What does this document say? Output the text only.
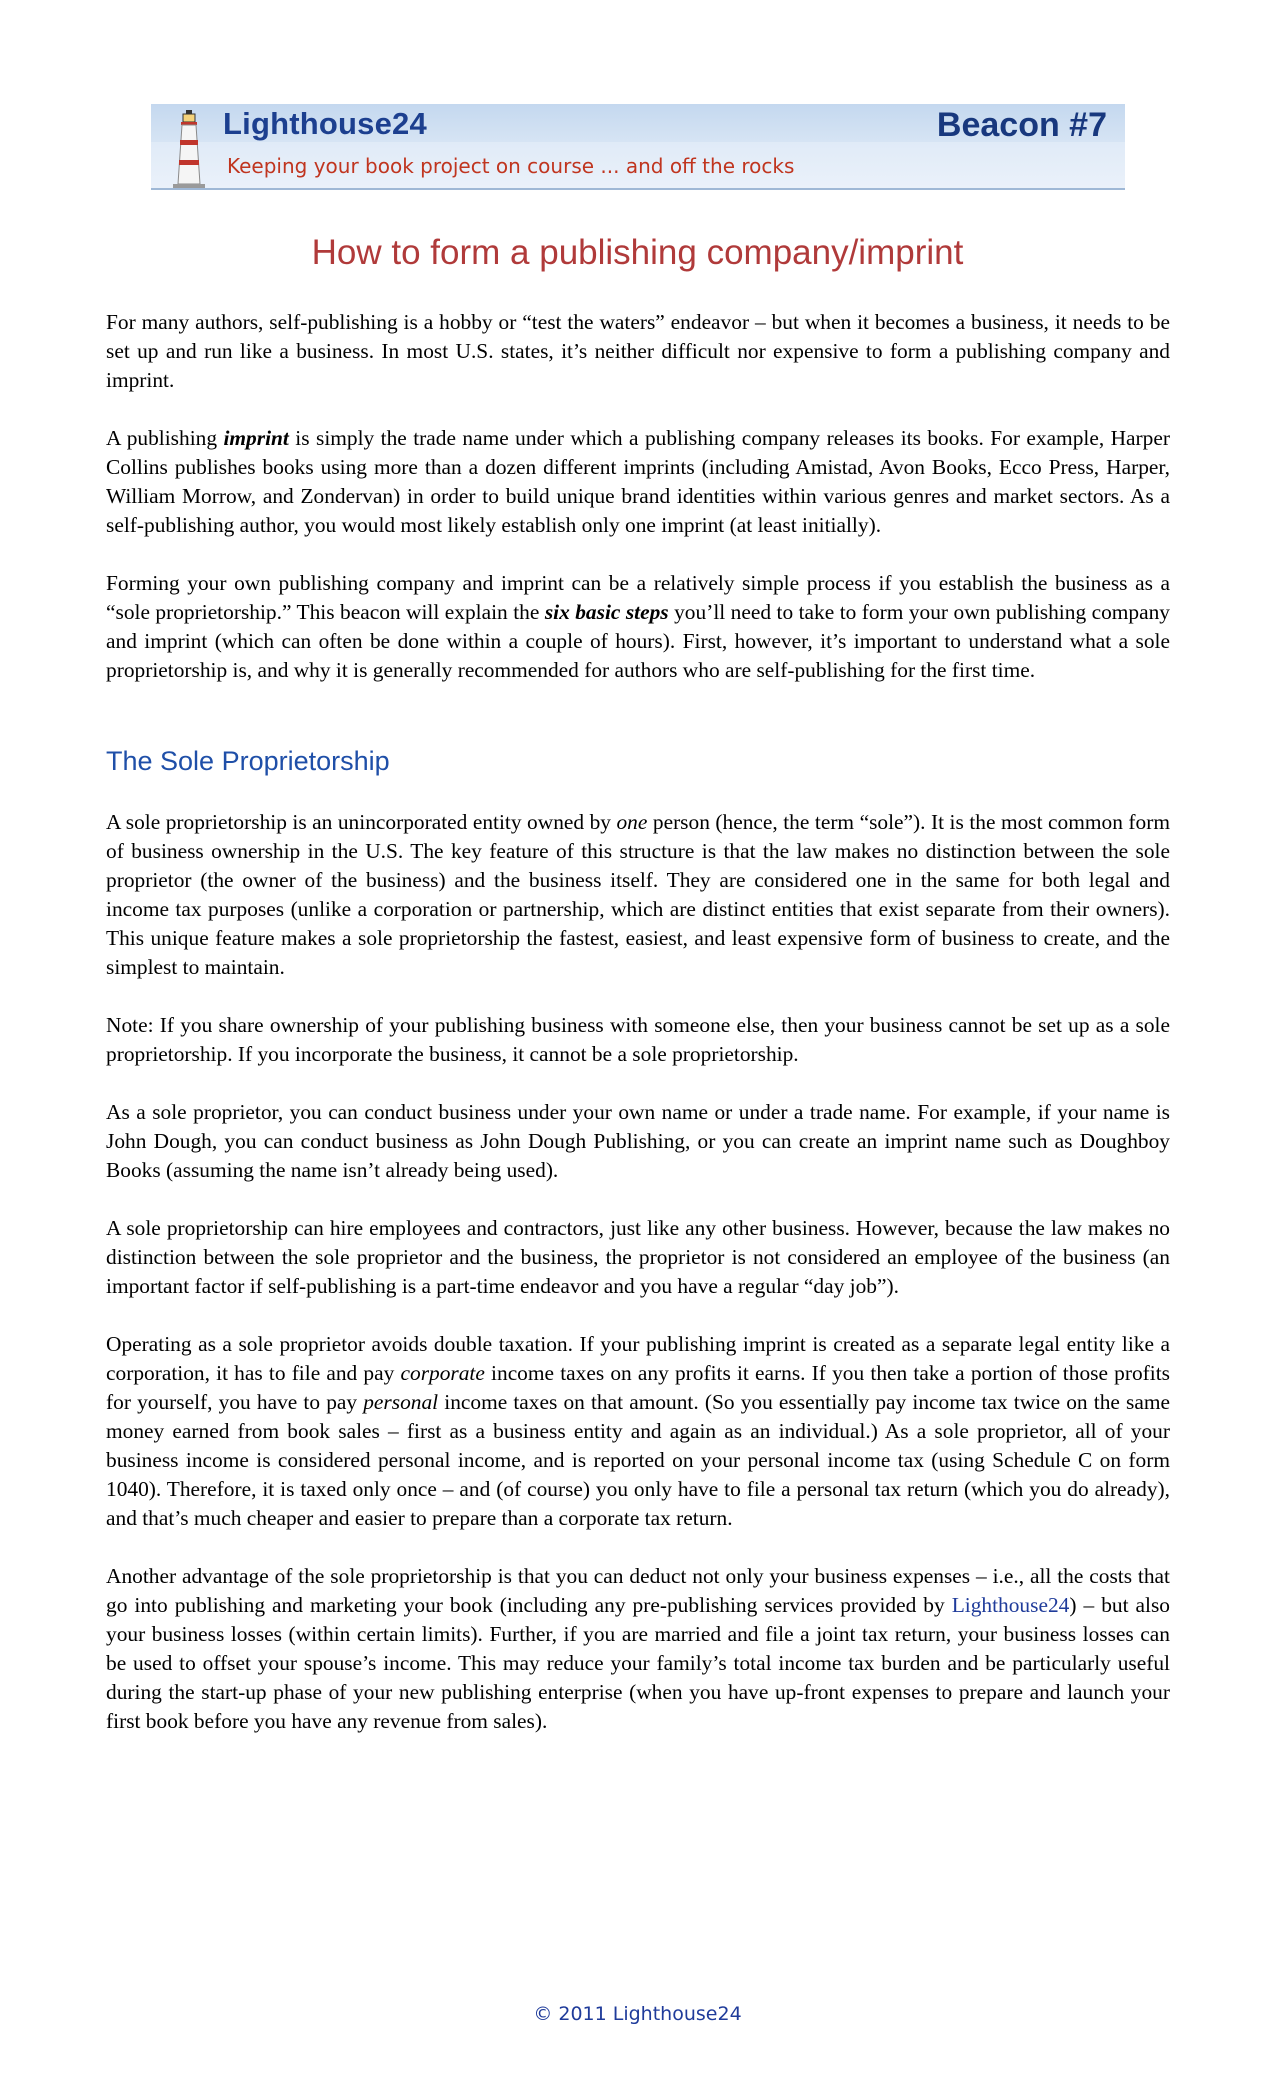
Lighthouse24
Keeping your book project on course ... and off the rocks
Beacon #7
How to form a publishing company/imprint

For many authors, self-publishing is a hobby or “test the waters” endeavor – but when it becomes a business, it needs to be set up and run like a business. In most U.S. states, it’s neither difficult nor expensive to form a publishing company and imprint.

A publishing imprint is simply the trade name under which a publishing company releases its books. For example, Harper Collins publishes books using more than a dozen different imprints (including Amistad, Avon Books, Ecco Press, Harper, William Morrow, and Zondervan) in order to build unique brand identities within various genres and market sectors. As a self-publishing author, you would most likely establish only one imprint (at least initially).

Forming your own publishing company and imprint can be a relatively simple process if you establish the business as a “sole proprietorship.” This beacon will explain the six basic steps you’ll need to take to form your own publishing company and imprint (which can often be done within a couple of hours). First, however, it’s important to understand what a sole proprietorship is, and why it is generally recommended for authors who are self-publishing for the first time.

The Sole Proprietorship

A sole proprietorship is an unincorporated entity owned by one person (hence, the term “sole”). It is the most common form of business ownership in the U.S. The key feature of this structure is that the law makes no distinction between the sole proprietor (the owner of the business) and the business itself. They are considered one in the same for both legal and income tax purposes (unlike a corporation or partnership, which are distinct entities that exist separate from their owners). This unique feature makes a sole proprietorship the fastest, easiest, and least expensive form of business to create, and the simplest to maintain.

Note: If you share ownership of your publishing business with someone else, then your business cannot be set up as a sole proprietorship. If you incorporate the business, it cannot be a sole proprietorship.

As a sole proprietor, you can conduct business under your own name or under a trade name. For example, if your name is John Dough, you can conduct business as John Dough Publishing, or you can create an imprint name such as Doughboy Books (assuming the name isn’t already being used).

A sole proprietorship can hire employees and contractors, just like any other business. However, because the law makes no distinction between the sole proprietor and the business, the proprietor is not considered an employee of the business (an important factor if self-publishing is a part-time endeavor and you have a regular “day job”).

Operating as a sole proprietor avoids double taxation. If your publishing imprint is created as a separate legal entity like a corporation, it has to file and pay corporate income taxes on any profits it earns. If you then take a portion of those profits for yourself, you have to pay personal income taxes on that amount. (So you essentially pay income tax twice on the same money earned from book sales – first as a business entity and again as an individual.) As a sole proprietor, all of your business income is considered personal income, and is reported on your personal income tax (using Schedule C on form 1040). Therefore, it is taxed only once – and (of course) you only have to file a personal tax return (which you do already), and that’s much cheaper and easier to prepare than a corporate tax return.

Another advantage of the sole proprietorship is that you can deduct not only your business expenses – i.e., all the costs that go into publishing and marketing your book (including any pre-publishing services provided by Lighthouse24) – but also your business losses (within certain limits). Further, if you are married and file a joint tax return, your business losses can be used to offset your spouse’s income. This may reduce your family’s total income tax burden and be particularly useful during the start-up phase of your new publishing enterprise (when you have up-front expenses to prepare and launch your first book before you have any revenue from sales).

© 2011 Lighthouse24
